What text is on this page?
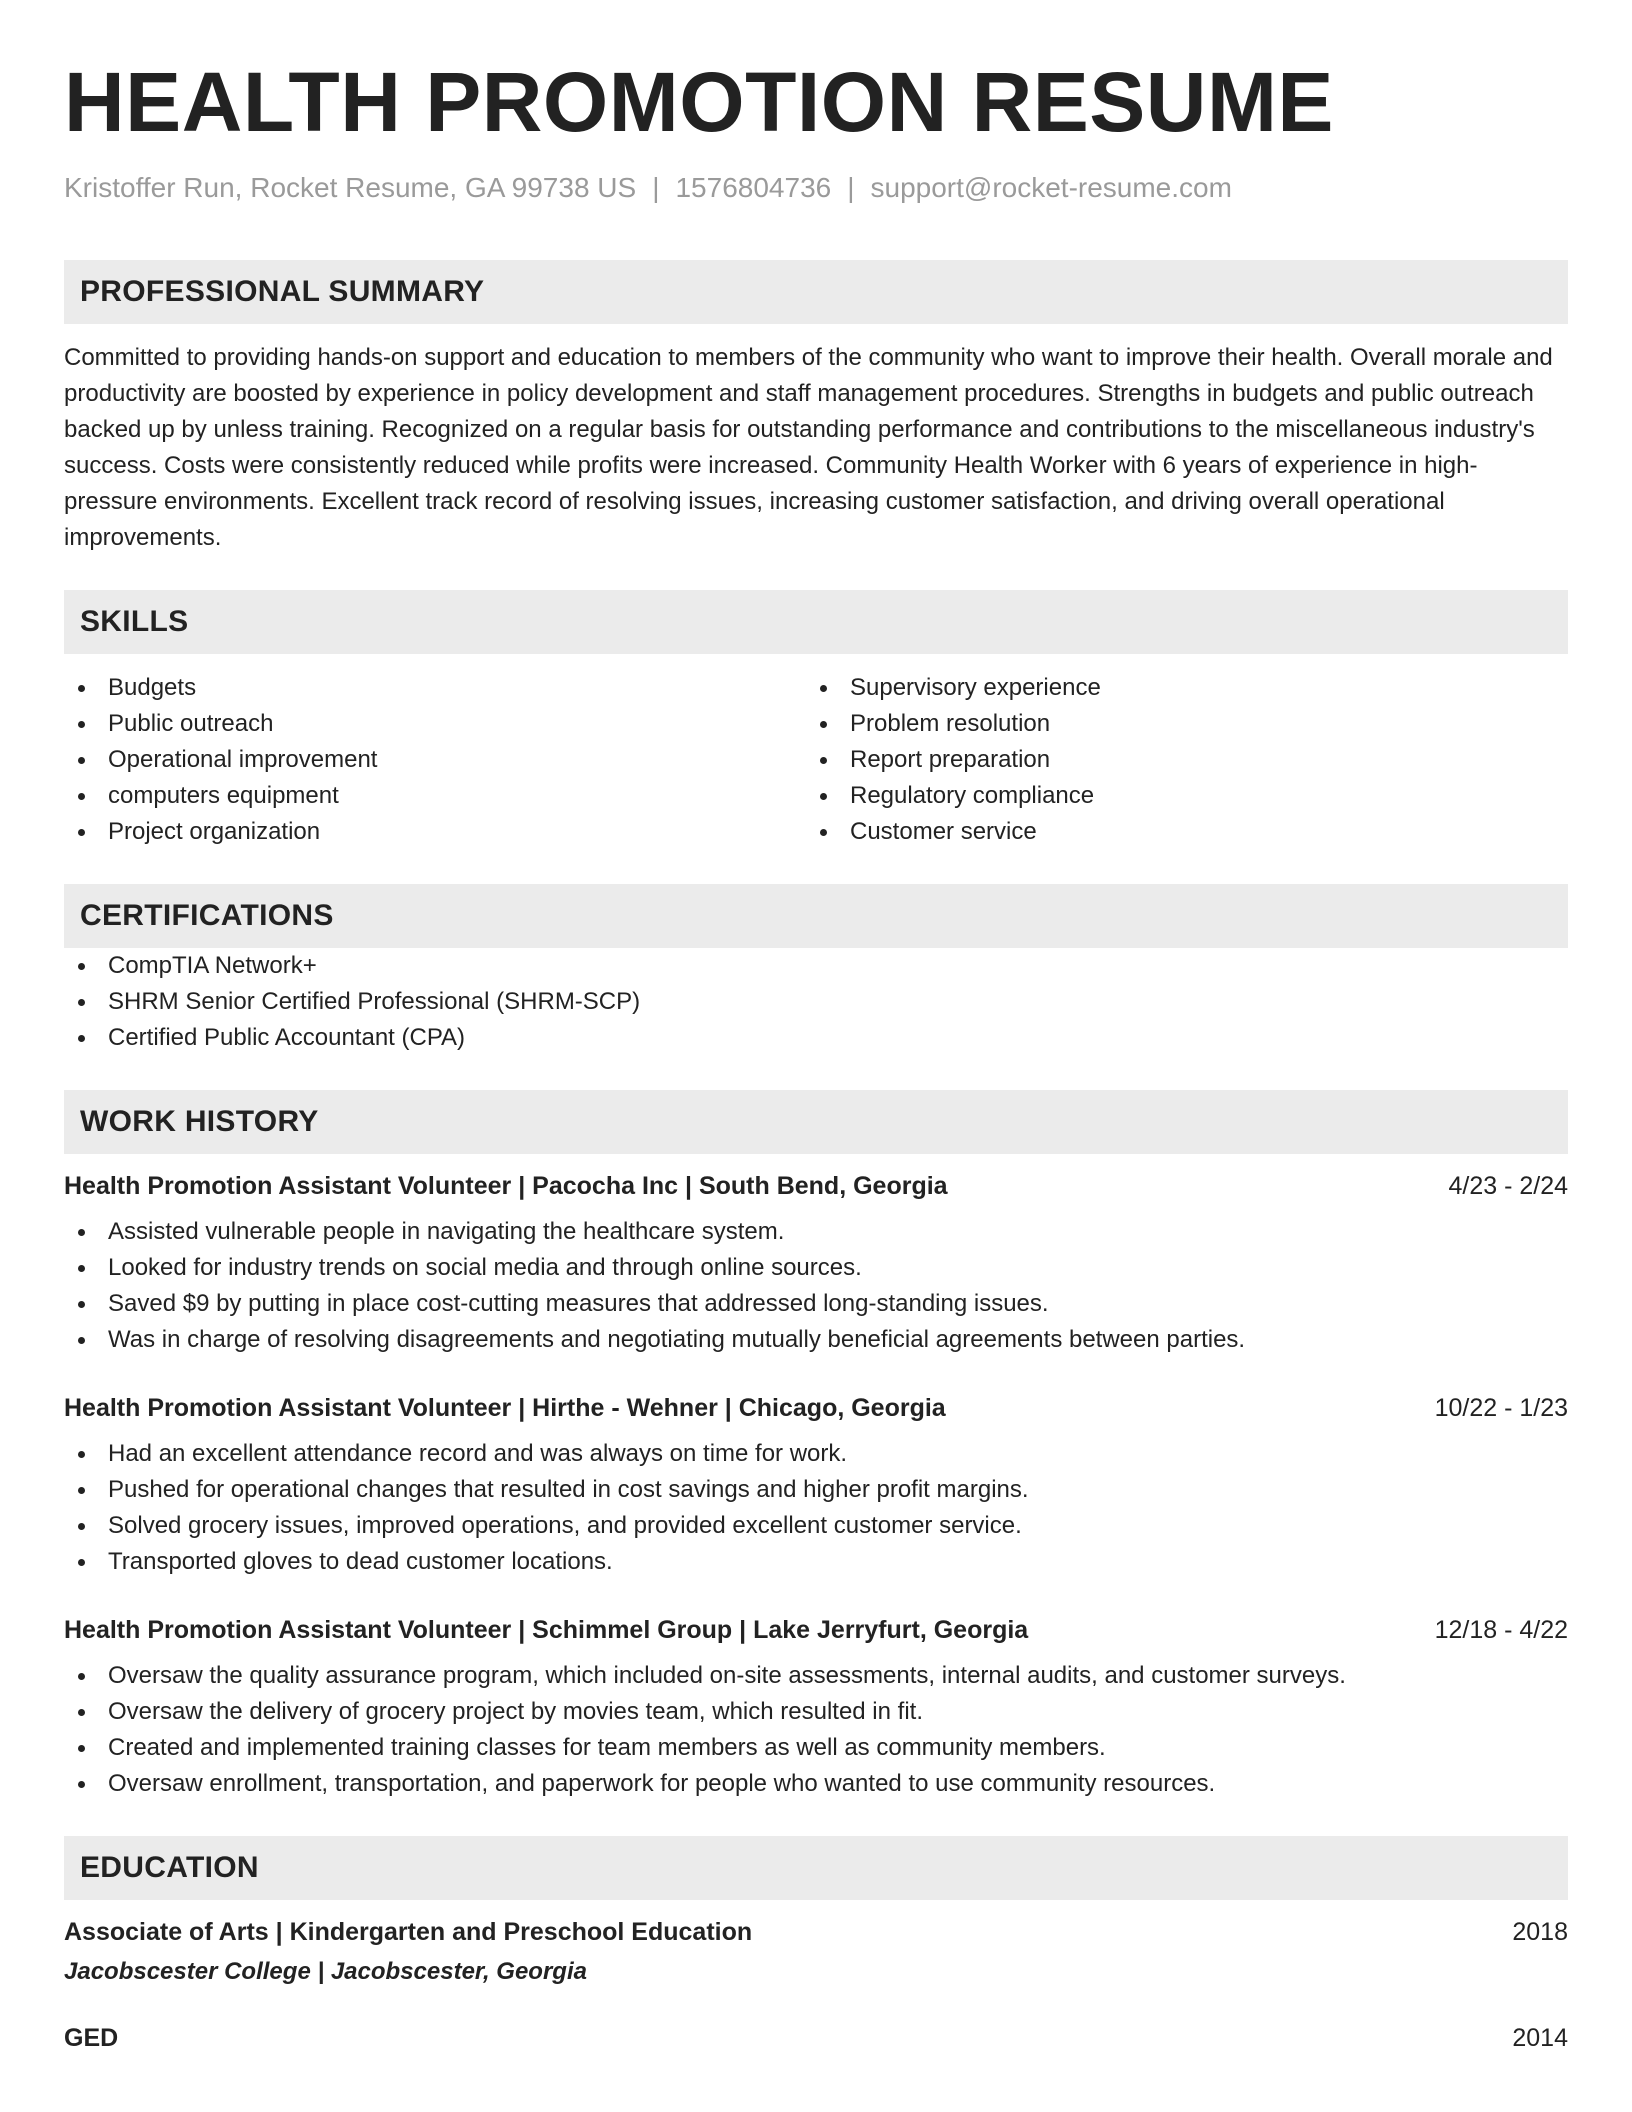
HEALTH PROMOTION RESUME
Kristoffer Run, Rocket Resume, GA 99738 US | 1576804736 | support@rocket-resume.com
PROFESSIONAL SUMMARY
Committed to providing hands-on support and education to members of the community who want to improve their health. Overall morale and productivity are boosted by experience in policy development and staff management procedures. Strengths in budgets and public outreach backed up by unless training. Recognized on a regular basis for outstanding performance and contributions to the miscellaneous industry's success. Costs were consistently reduced while profits were increased. Community Health Worker with 6 years of experience in high-pressure environments. Excellent track record of resolving issues, increasing customer satisfaction, and driving overall operational improvements.
SKILLS
Budgets
Public outreach
Operational improvement
computers equipment
Project organization
Supervisory experience
Problem resolution
Report preparation
Regulatory compliance
Customer service
CERTIFICATIONS
CompTIA Network+
SHRM Senior Certified Professional (SHRM-SCP)
Certified Public Accountant (CPA)
WORK HISTORY
Health Promotion Assistant Volunteer | Pacocha Inc | South Bend, Georgia	4/23 - 2/24
Assisted vulnerable people in navigating the healthcare system.
Looked for industry trends on social media and through online sources.
Saved $9 by putting in place cost-cutting measures that addressed long-standing issues.
Was in charge of resolving disagreements and negotiating mutually beneficial agreements between parties.
Health Promotion Assistant Volunteer | Hirthe - Wehner | Chicago, Georgia	10/22 - 1/23
Had an excellent attendance record and was always on time for work.
Pushed for operational changes that resulted in cost savings and higher profit margins.
Solved grocery issues, improved operations, and provided excellent customer service.
Transported gloves to dead customer locations.
Health Promotion Assistant Volunteer | Schimmel Group | Lake Jerryfurt, Georgia	12/18 - 4/22
Oversaw the quality assurance program, which included on-site assessments, internal audits, and customer surveys.
Oversaw the delivery of grocery project by movies team, which resulted in fit.
Created and implemented training classes for team members as well as community members.
Oversaw enrollment, transportation, and paperwork for people who wanted to use community resources.
EDUCATION
Associate of Arts | Kindergarten and Preschool Education	2018
Jacobscester College | Jacobscester, Georgia
GED	2014
